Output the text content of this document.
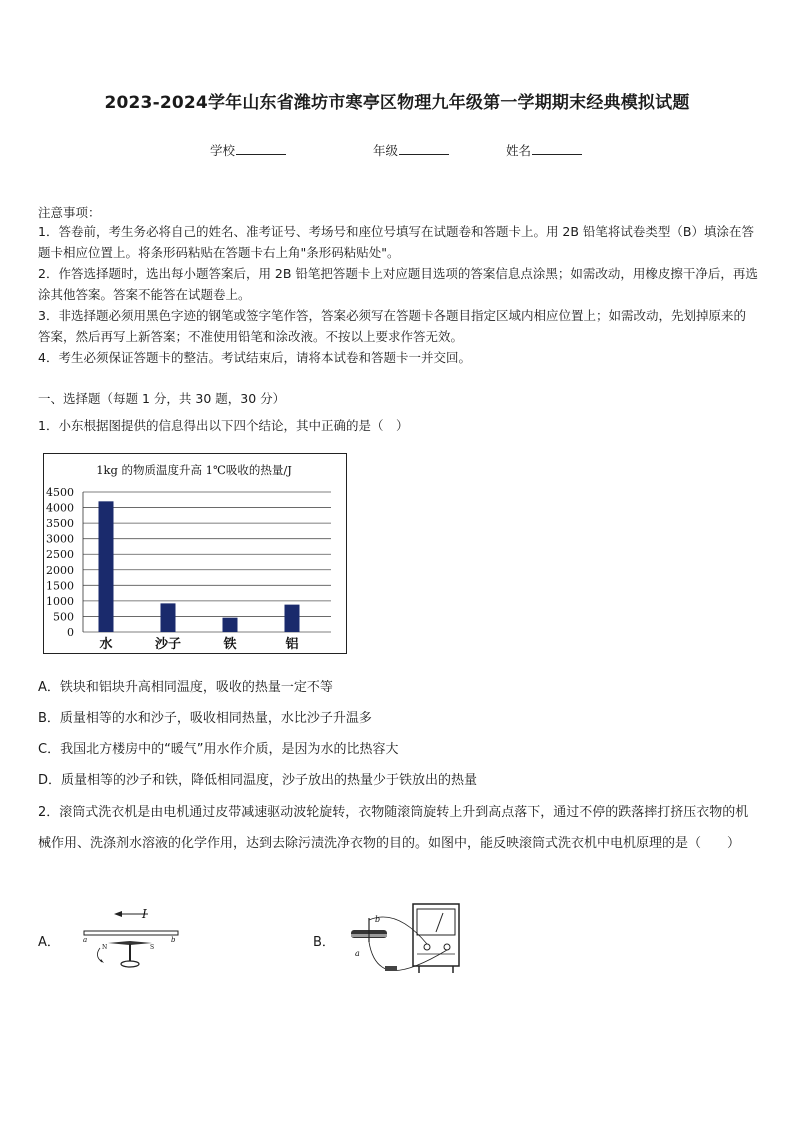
2023-2024学年山东省潍坊市寒亭区物理九年级第一学期期末经典模拟试题
学校	年级	姓名
注意事项：
1．答卷前，考生务必将自己的姓名、准考证号、考场号和座位号填写在试题卷和答题卡上。用 2B 铅笔将试卷类型（B）填涂在答题卡相应位置上。将条形码粘贴在答题卡右上角"条形码粘贴处"。
2．作答选择题时，选出每小题答案后，用 2B 铅笔把答题卡上对应题目选项的答案信息点涂黑；如需改动，用橡皮擦干净后，再选涂其他答案。答案不能答在试题卷上。
3．非选择题必须用黑色字迹的钢笔或签字笔作答，答案必须写在答题卡各题目指定区域内相应位置上；如需改动，先划掉原来的答案，然后再写上新答案；不准使用铅笔和涂改液。不按以上要求作答无效。
4．考生必须保证答题卡的整洁。考试结束后，请将本试卷和答题卡一并交回。
一、选择题（每题 1 分，共 30 题，30 分）
1．小东根据图提供的信息得出以下四个结论，其中正确的是（　）
1kg 的物质温度升高 1℃吸收的热量/J
0
500
1000
1500
2000
2500
3000
3500
4000
4500
水	沙子	铁	铝
A．铁块和铝块升高相同温度，吸收的热量一定不等
B．质量相等的水和沙子，吸收相同热量，水比沙子升温多
C．我国北方楼房中的“暖气”用水作介质，是因为水的比热容大
D．质量相等的沙子和铁，降低相同温度，沙子放出的热量少于铁放出的热量
2．滚筒式洗衣机是由电机通过皮带减速驱动波轮旋转，衣物随滚筒旋转上升到高点落下，通过不停的跌落摔打挤压衣物的机械作用、洗涤剂水溶液的化学作用，达到去除污渍洗净衣物的目的。如图中，能反映滚筒式洗衣机中电机原理的是（　　）
A．
I
a	b
N	S	B．
b
a
